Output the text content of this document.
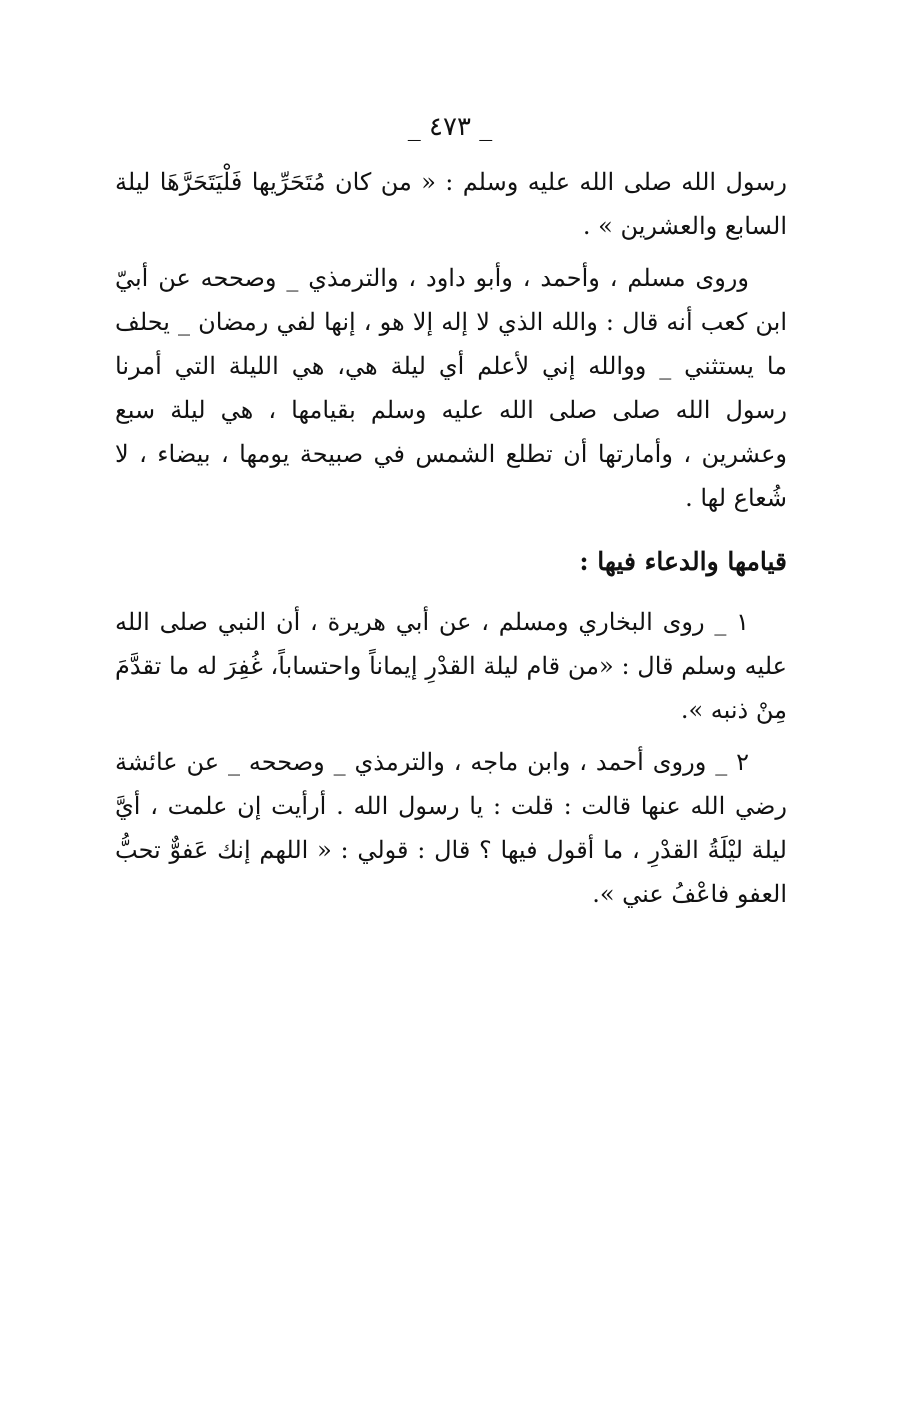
_ ٤٧٣ _

رسول الله صلى الله عليه وسلم : « من كان مُتَحَرِّيها فَلْيَتَحَرَّهَا ليلة السابع والعشرين » .

وروى مسلم ، وأحمد ، وأبو داود ، والترمذي _ وصححه عن أبيّ ابن كعب أنه قال : والله الذي لا إله إلا هو ، إنها لفي رمضان _ يحلف ما يستثني _ ووالله إني لأعلم أي ليلة هي، هي الليلة التي أمرنا رسول الله صلى صلى الله عليه وسلم بقيامها ، هي ليلة سبع وعشرين ، وأمارتها أن تطلع الشمس في صبيحة يومها ، بيضاء ، لا شُعاع لها .

قيامها والدعاء فيها :

١ _ روى البخاري ومسلم ، عن أبي هريرة ، أن النبي صلى الله عليه وسلم قال : «من قام ليلة القدْرِ إيماناً واحتساباً، غُفِرَ له ما تقدَّمَ مِنْ ذنبه ».

٢ _ وروى أحمد ، وابن ماجه ، والترمذي _ وصححه _ عن عائشة رضي الله عنها قالت : قلت : يا رسول الله . أرأيت إن علمت ، أيَّ ليلة ليْلَةُ القدْرِ ، ما أقول فيها ؟ قال : قولي : « اللهم إنك عَفوٌّ تحبُّ العفو فاعْفُ عني ».
